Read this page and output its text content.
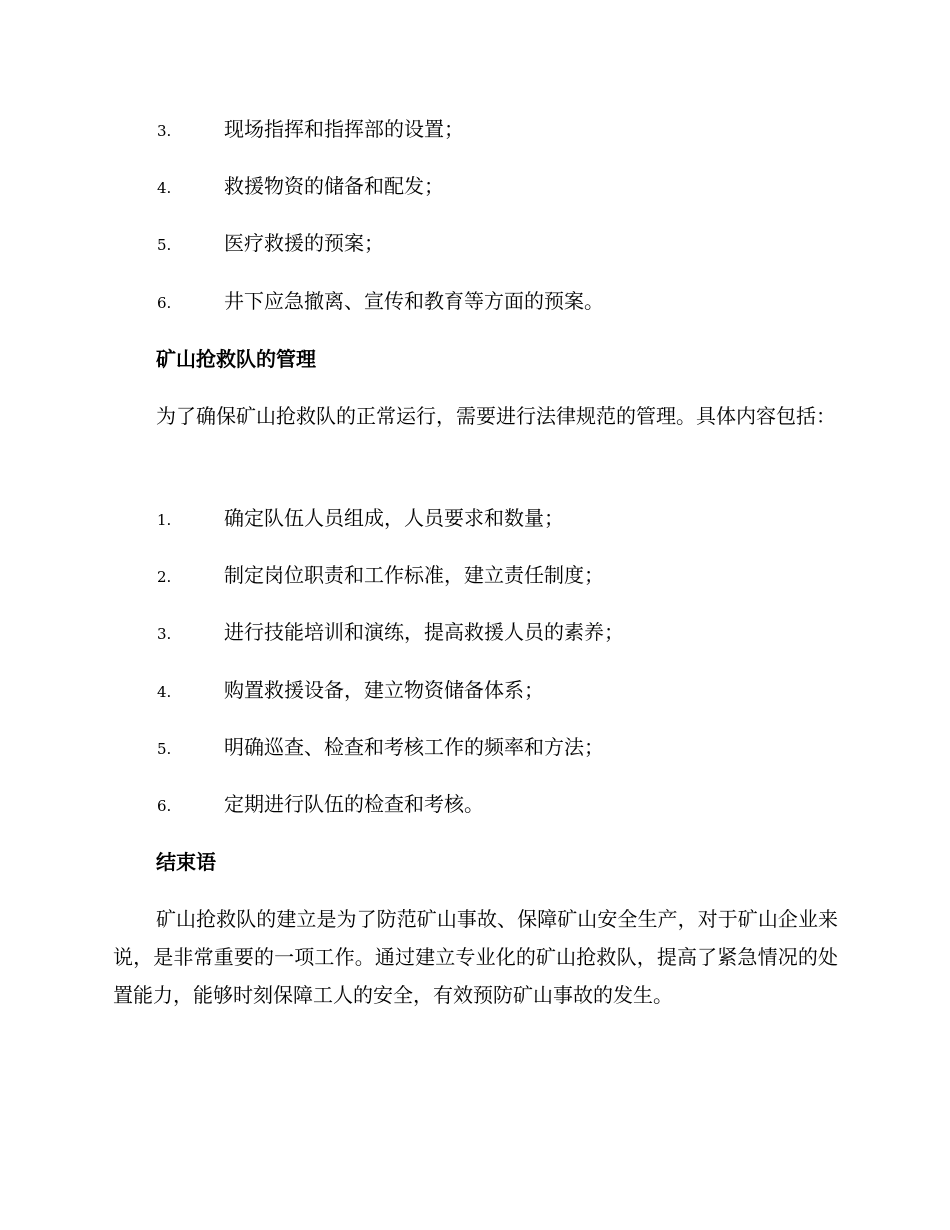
3.	现场指挥和指挥部的设置；
4.	救援物资的储备和配发；
5.	医疗救援的预案；
6.	井下应急撤离、宣传和教育等方面的预案。
矿山抢救队的管理

为了确保矿山抢救队的正常运行，需要进行法律规范的管理。具体内容包括：

1.	确定队伍人员组成，人员要求和数量；
2.	制定岗位职责和工作标准，建立责任制度；
3.	进行技能培训和演练，提高救援人员的素养；
4.	购置救援设备，建立物资储备体系；
5.	明确巡查、检查和考核工作的频率和方法；
6.	定期进行队伍的检查和考核。
结束语

矿山抢救队的建立是为了防范矿山事故、保障矿山安全生产，对于矿山企业来说，是非常重要的一项工作。通过建立专业化的矿山抢救队，提高了紧急情况的处置能力，能够时刻保障工人的安全，有效预防矿山事故的发生。
